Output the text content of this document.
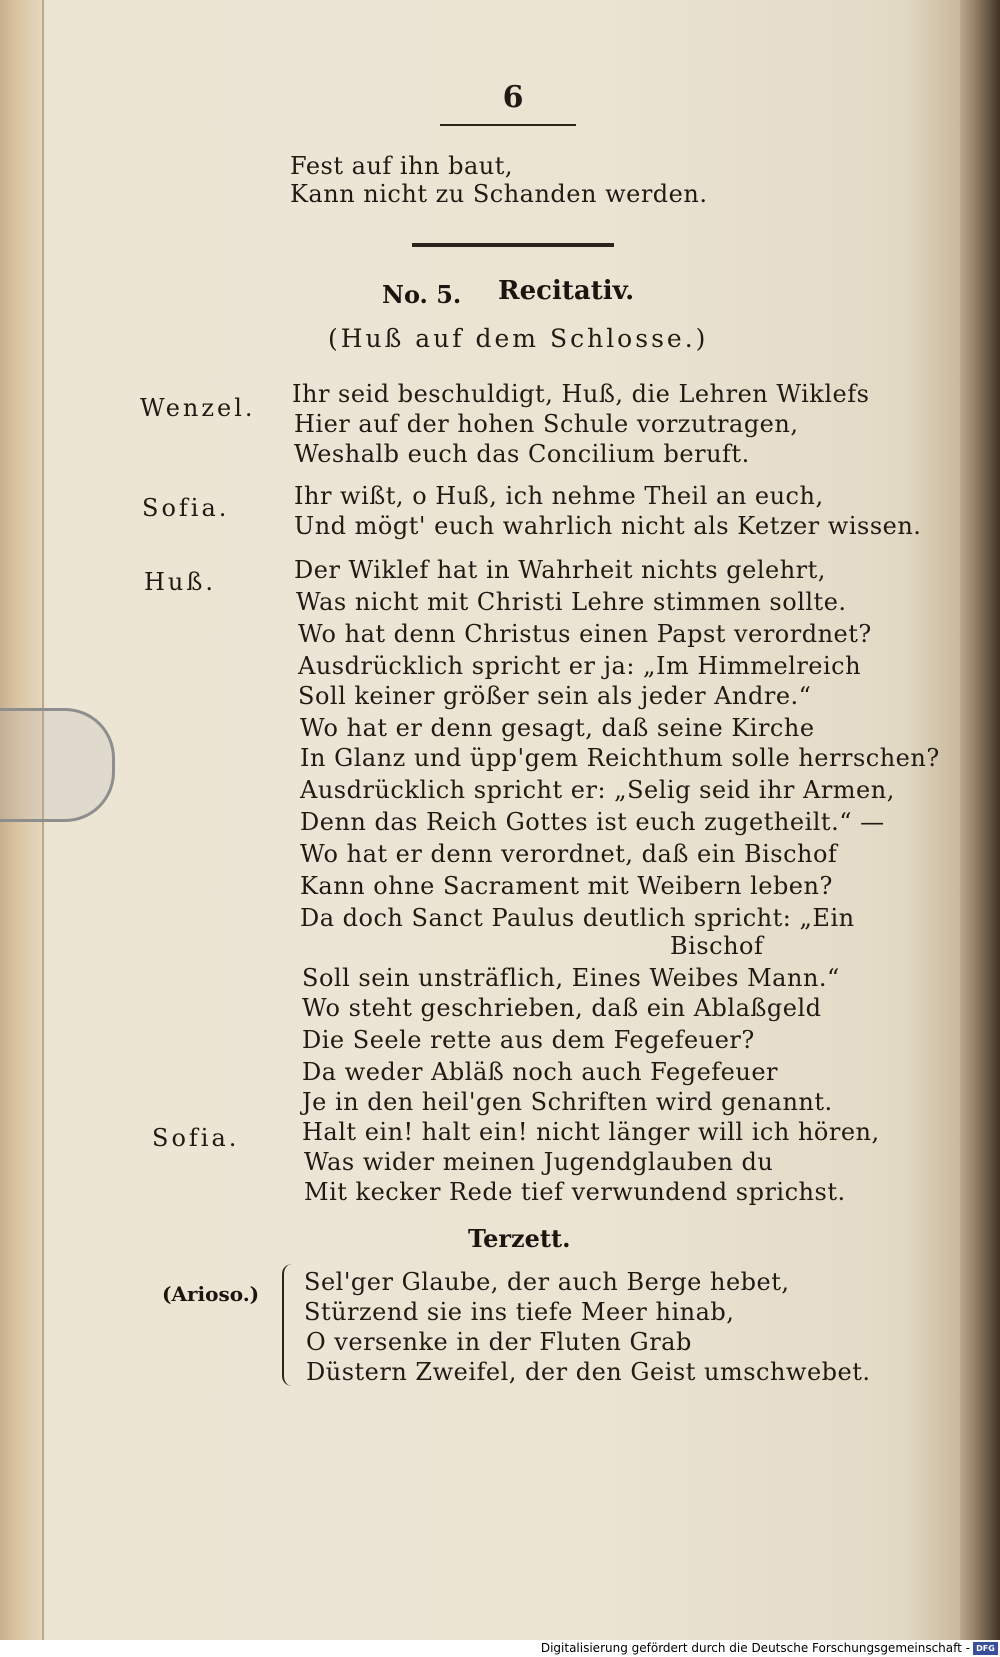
6
Fest auf ihn baut,
Kann nicht zu Schanden werden.
No. 5. Recitativ.
(Huß auf dem Schlosse.)
Wenzel.
Sofia.
Huß.
Sofia.
Ihr seid beschuldigt, Huß, die Lehren Wiklefs
Hier auf der hohen Schule vorzutragen,
Weshalb euch das Concilium beruft.
Ihr wißt, o Huß, ich nehme Theil an euch,
Und mögt' euch wahrlich nicht als Ketzer wissen.
Der Wiklef hat in Wahrheit nichts gelehrt,
Was nicht mit Christi Lehre stimmen sollte.
Wo hat denn Christus einen Papst verordnet?
Ausdrücklich spricht er ja: „Im Himmelreich
Soll keiner größer sein als jeder Andre.“
Wo hat er denn gesagt, daß seine Kirche
In Glanz und üpp'gem Reichthum solle herrschen?
Ausdrücklich spricht er: „Selig seid ihr Armen,
Denn das Reich Gottes ist euch zugetheilt.“ —
Wo hat er denn verordnet, daß ein Bischof
Kann ohne Sacrament mit Weibern leben?
Da doch Sanct Paulus deutlich spricht: „Ein
Bischof
Soll sein unsträflich, Eines Weibes Mann.“
Wo steht geschrieben, daß ein Ablaßgeld
Die Seele rette aus dem Fegefeuer?
Da weder Abläß noch auch Fegefeuer
Je in den heil'gen Schriften wird genannt.
Halt ein! halt ein! nicht länger will ich hören,
Was wider meinen Jugendglauben du
Mit kecker Rede tief verwundend sprichst.
Terzett.
(Arioso.) Sel'ger Glaube, der auch Berge hebet,
Stürzend sie ins tiefe Meer hinab,
O versenke in der Fluten Grab
Düstern Zweifel, der den Geist umschwebet.
Digitalisierung gefördert durch die Deutsche Forschungsgemeinschaft - DFG
